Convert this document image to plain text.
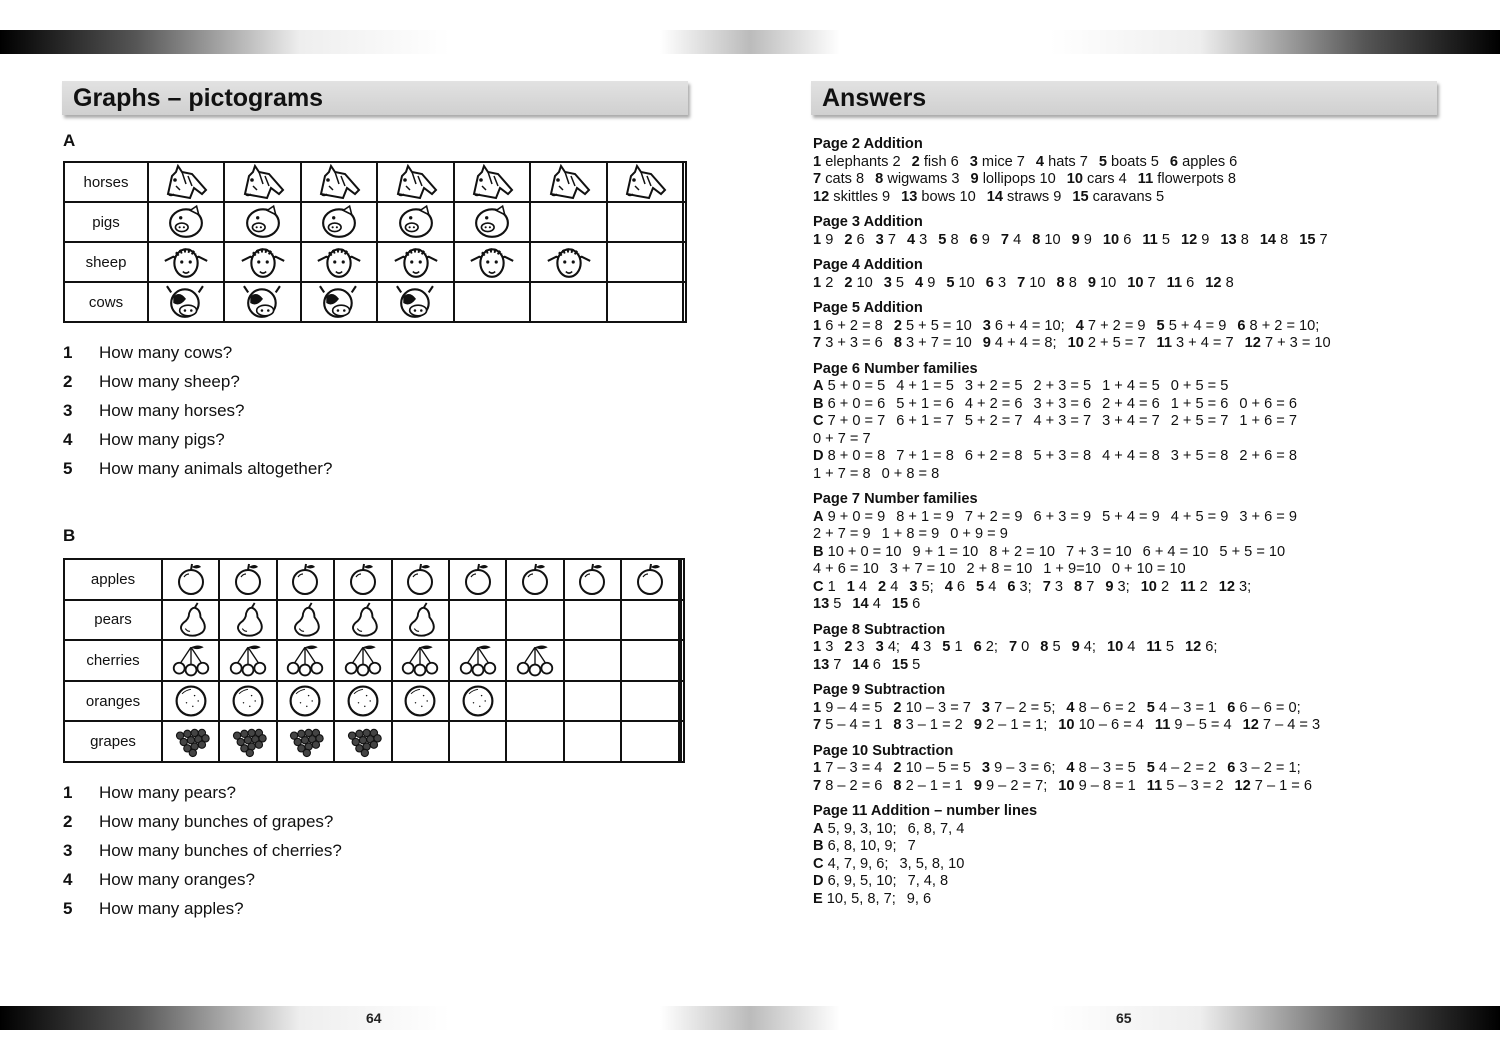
Graphs – pictograms
A
horses	

pigs	

sheep	

cows	

1	How many cows?
2	How many sheep?
3	How many horses?
4	How many pigs?
5	How many animals altogether?
B
apples	

pears	

cherries	

oranges	

grapes	

1	How many pears?
2	How many bunches of grapes?
3	How many bunches of cherries?
4	How many oranges?
5	How many apples?
Answers
Page 2 Addition
1 elephants 2 2 fish 6 3 mice 7 4 hats 7 5 boats 5 6 apples 6
7 cats 8 8 wigwams 3 9 lollipops 10 10 cars 4 11 flowerpots 8
12 skittles 9 13 bows 10 14 straws 9 15 caravans 5
Page 3 Addition
1 9 2 6 3 7 4 3 5 8 6 9 7 4 8 10 9 9 10 6 11 5 12 9 13 8 14 8 15 7
Page 4 Addition
1 2 2 10 3 5 4 9 5 10 6 3 7 10 8 8 9 10 10 7 11 6 12 8
Page 5 Addition
1 6 + 2 = 8 2 5 + 5 = 10 3 6 + 4 = 10; 4 7 + 2 = 9 5 5 + 4 = 9 6 8 + 2 = 10;
7 3 + 3 = 6 8 3 + 7 = 10 9 4 + 4 = 8; 10 2 + 5 = 7 11 3 + 4 = 7 12 7 + 3 = 10
Page 6 Number families
A 5 + 0 = 5 4 + 1 = 5 3 + 2 = 5 2 + 3 = 5 1 + 4 = 5 0 + 5 = 5
B 6 + 0 = 6 5 + 1 = 6 4 + 2 = 6 3 + 3 = 6 2 + 4 = 6 1 + 5 = 6 0 + 6 = 6
C 7 + 0 = 7 6 + 1 = 7 5 + 2 = 7 4 + 3 = 7 3 + 4 = 7 2 + 5 = 7 1 + 6 = 7
0 + 7 = 7
D 8 + 0 = 8 7 + 1 = 8 6 + 2 = 8 5 + 3 = 8 4 + 4 = 8 3 + 5 = 8 2 + 6 = 8
1 + 7 = 8 0 + 8 = 8
Page 7 Number families
A 9 + 0 = 9 8 + 1 = 9 7 + 2 = 9 6 + 3 = 9 5 + 4 = 9 4 + 5 = 9 3 + 6 = 9
2 + 7 = 9 1 + 8 = 9 0 + 9 = 9
B 10 + 0 = 10 9 + 1 = 10 8 + 2 = 10 7 + 3 = 10 6 + 4 = 10 5 + 5 = 10
4 + 6 = 10 3 + 7 = 10 2 + 8 = 10 1 + 9=10 0 + 10 = 10
C 1 1 4 2 4 3 5; 4 6 5 4 6 3; 7 3 8 7 9 3; 10 2 11 2 12 3;
13 5 14 4 15 6
Page 8 Subtraction
1 3 2 3 3 4; 4 3 5 1 6 2; 7 0 8 5 9 4; 10 4 11 5 12 6;
13 7 14 6 15 5
Page 9 Subtraction
1 9 – 4 = 5 2 10 – 3 = 7 3 7 – 2 = 5; 4 8 – 6 = 2 5 4 – 3 = 1 6 6 – 6 = 0;
7 5 – 4 = 1 8 3 – 1 = 2 9 2 – 1 = 1; 10 10 – 6 = 4 11 9 – 5 = 4 12 7 – 4 = 3
Page 10 Subtraction
1 7 – 3 = 4 2 10 – 5 = 5 3 9 – 3 = 6; 4 8 – 3 = 5 5 4 – 2 = 2 6 3 – 2 = 1;
7 8 – 2 = 6 8 2 – 1 = 1 9 9 – 2 = 7; 10 9 – 8 = 1 11 5 – 3 = 2 12 7 – 1 = 6
Page 11 Addition – number lines
A 5, 9, 3, 10; 6, 8, 7, 4
B 6, 8, 10, 9; 7
C 4, 7, 9, 6; 3, 5, 8, 10
D 6, 9, 5, 10; 7, 4, 8
E 10, 5, 8, 7; 9, 6
64	65
